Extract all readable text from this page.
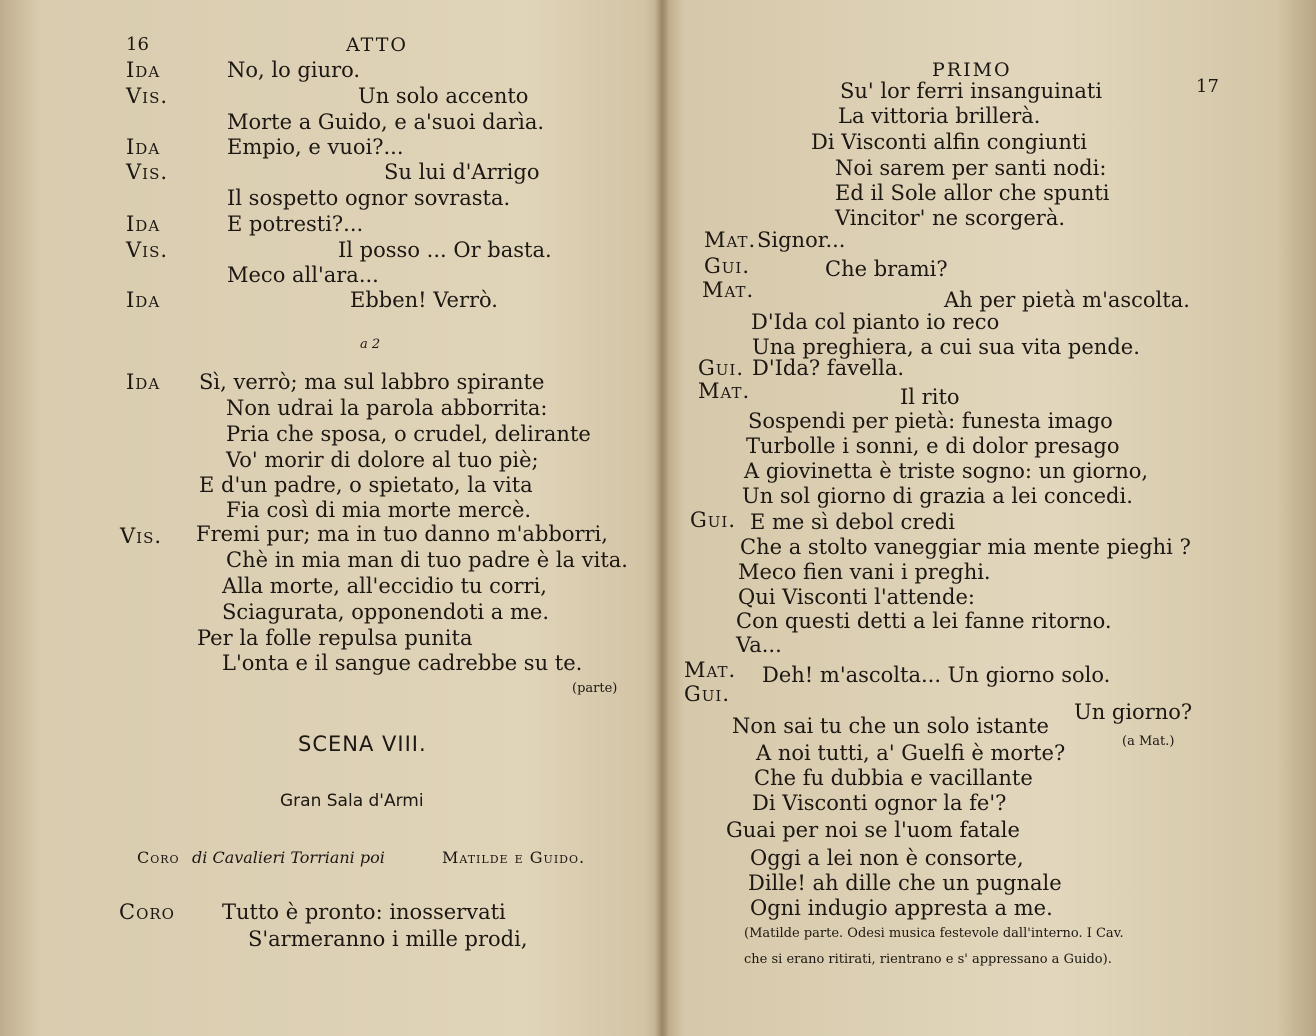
16	ATTO
Ida	No, lo giuro.
Vis.	Un solo accento
Morte a Guido, e a'suoi darìa.
Ida	Empio, e vuoi?...
Vis.	Su lui d'Arrigo
Il sospetto ognor sovrasta.
Ida	E potresti?...
Vis.	Il posso ... Or basta.
Meco all'ara...
Ida	Ebben! Verrò.
a 2
Ida Sì, verrò; ma sul labbro spirante
Non udrai la parola abborrita:
Pria che sposa, o crudel, delirante
Vo' morir di dolore al tuo piè;
E d'un padre, o spietato, la vita
Fia così di mia morte mercè.
Vis. Fremi pur; ma in tuo danno m'abborri,
Chè in mia man di tuo padre è la vita.
Alla morte, all'eccidio tu corri,
Sciagurata, opponendoti a me.
Per la folle repulsa punita
L'onta e il sangue cadrebbe su te.
(parte)
SCENA VIII.
Gran Sala d'Armi
Coro di Cavalieri Torriani poi	Matilde e Guido.
Coro Tutto è pronto: inosservati
S'armeranno i mille prodi,
PRIMO
17
Su' lor ferri insanguinati
La vittoria brillerà.
Di Visconti alfin congiunti
Noi sarem per santi nodi:
Ed il Sole allor che spunti
Vincitor' ne scorgerà.
Mat. Signor...
Gui.	Che brami?
Mat.	Ah per pietà m'ascolta.
D'Ida col pianto io reco
Una preghiera, a cui sua vita pende.
Gui. D'Ida? favella.
Mat.	Il rito
Sospendi per pietà: funesta imago
Turbolle i sonni, e di dolor presago
A giovinetta è triste sogno: un giorno,
Un sol giorno di grazia a lei concedi.
Gui. E me sì debol credi
Che a stolto vaneggiar mia mente pieghi ?
Meco fien vani i preghi.
Qui Visconti l'attende:
Con questi detti a lei fanne ritorno.
Va...
Mat. Deh! m'ascolta... Un giorno solo.
Gui.
Un giorno?
Non sai tu che un solo istante
(a Mat.)
A noi tutti, a' Guelfi è morte?
Che fu dubbia e vacillante
Di Visconti ognor la fe'?
Guai per noi se l'uom fatale
Oggi a lei non è consorte,
Dille! ah dille che un pugnale
Ogni indugio appresta a me.
(Matilde parte. Odesi musica festevole dall'interno. I Cav.
che si erano ritirati, rientrano e s' appressano a Guido).
